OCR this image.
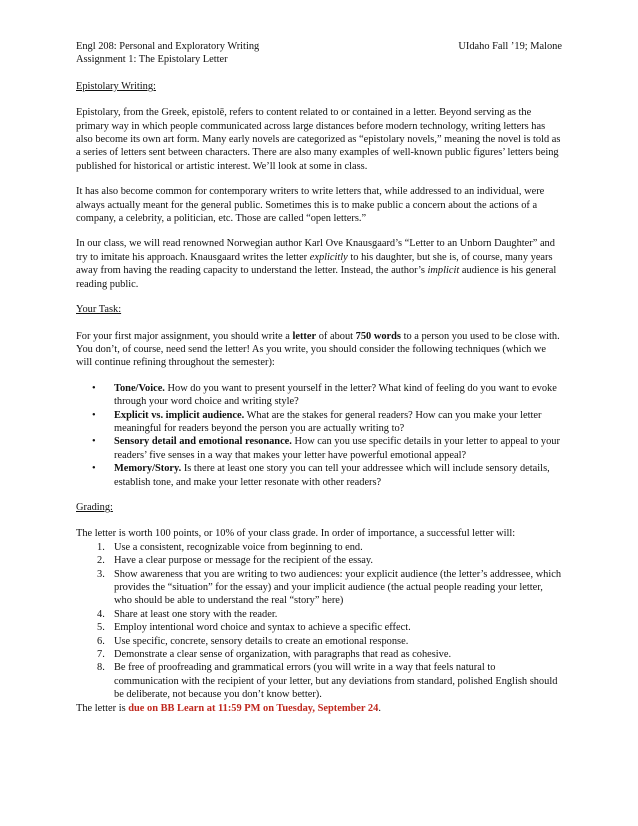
Engl 208: Personal and Exploratory Writing	UIdaho Fall ’19; Malone
Assignment 1: The Epistolary Letter
Epistolary Writing:

Epistolary, from the Greek, epistolē, refers to content related to or contained in a letter. Beyond serving as the primary way in which people communicated across large distances before modern technology, writing letters has also become its own art form. Many early novels are categorized as “epistolary novels,” meaning the novel is told as a series of letters sent between characters. There are also many examples of well-known public figures’ letters being published for historical or artistic interest. We’ll look at some in class.

It has also become common for contemporary writers to write letters that, while addressed to an individual, were always actually meant for the general public. Sometimes this is to make public a concern about the actions of a company, a celebrity, a politician, etc. Those are called “open letters.”

In our class, we will read renowned Norwegian author Karl Ove Knausgaard’s “Letter to an Unborn Daughter” and try to imitate his approach. Knausgaard writes the letter explicitly to his daughter, but she is, of course, many years away from having the reading capacity to understand the letter. Instead, the author’s implicit audience is his general reading public.

Your Task:

For your first major assignment, you should write a letter of about 750 words to a person you used to be close with. You don’t, of course, need send the letter! As you write, you should consider the following techniques (which we will continue refining throughout the semester):

• Tone/Voice. How do you want to present yourself in the letter? What kind of feeling do you want to evoke through your word choice and writing style?
• Explicit vs. implicit audience. What are the stakes for general readers? How can you make your letter meaningful for readers beyond the person you are actually writing to?
• Sensory detail and emotional resonance. How can you use specific details in your letter to appeal to your readers’ five senses in a way that makes your letter have powerful emotional appeal?
• Memory/Story. Is there at least one story you can tell your addressee which will include sensory details, establish tone, and make your letter resonate with other readers?
Grading:
The letter is worth 100 points, or 10% of your class grade. In order of importance, a successful letter will:
1. Use a consistent, recognizable voice from beginning to end.
2. Have a clear purpose or message for the recipient of the essay.
3. Show awareness that you are writing to two audiences: your explicit audience (the letter’s addressee, which provides the “situation” for the essay) and your implicit audience (the actual people reading your letter, who should be able to understand the real “story” here)
4. Share at least one story with the reader.
5. Employ intentional word choice and syntax to achieve a specific effect.
6. Use specific, concrete, sensory details to create an emotional response.
7. Demonstrate a clear sense of organization, with paragraphs that read as cohesive.
8. Be free of proofreading and grammatical errors (you will write in a way that feels natural to communication with the recipient of your letter, but any deviations from standard, polished English should be deliberate, not because you don’t know better).
The letter is due on BB Learn at 11:59 PM on Tuesday, September 24.
